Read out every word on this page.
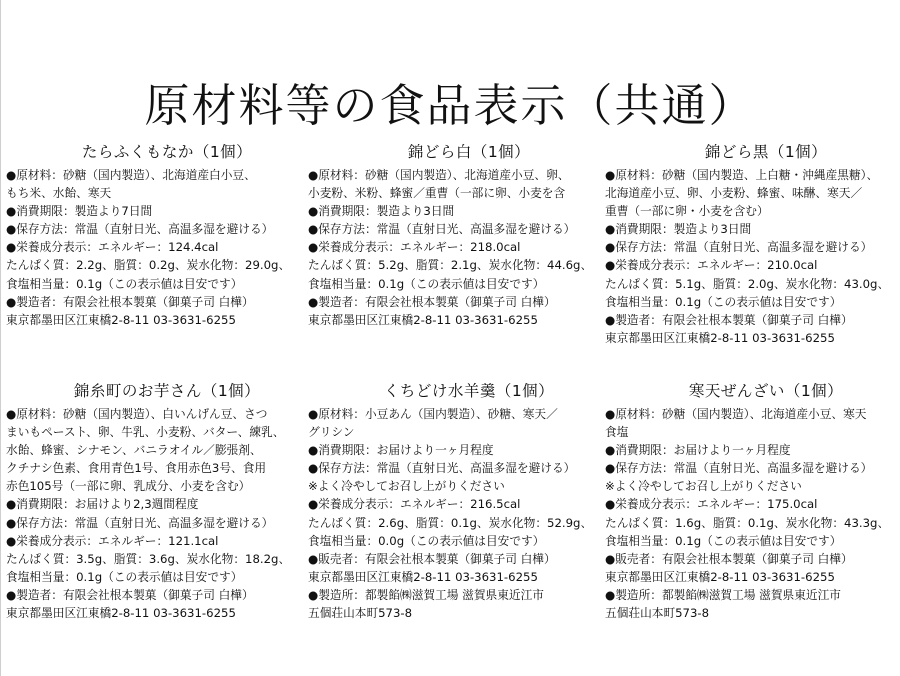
原材料等の食品表示（共通）
たらふくもなか（1個）
●原材料：砂糖（国内製造）、北海道産白小豆、
もち米、水飴、寒天
●消費期限：製造より7日間
●保存方法：常温（直射日光、高温多湿を避ける）
●栄養成分表示：エネルギー：124.4cal
たんぱく質：2.2g、脂質：0.2g、炭水化物：29.0g、
食塩相当量：0.1g（この表示値は目安です）
●製造者：有限会社根本製菓（御菓子司 白樺）
東京都墨田区江東橋2-8-11 03-3631-6255
錦どら白（1個）
●原材料：砂糖（国内製造）、北海道産小豆、卵、
小麦粉、米粉、蜂蜜／重曹（一部に卵、小麦を含
●消費期限：製造より3日間
●保存方法：常温（直射日光、高温多湿を避ける）
●栄養成分表示：エネルギー：218.0cal
たんぱく質：5.2g、脂質：2.1g、炭水化物：44.6g、
食塩相当量：0.1g（この表示値は目安です）
●製造者：有限会社根本製菓（御菓子司 白樺）
東京都墨田区江東橋2-8-11 03-3631-6255
錦どら黒（1個）
●原材料：砂糖（国内製造、上白糖・沖縄産黒糖）、
北海道産小豆、卵、小麦粉、蜂蜜、味醂、寒天／
重曹（一部に卵・小麦を含む）
●消費期限：製造より3日間
●保存方法：常温（直射日光、高温多湿を避ける）
●栄養成分表示：エネルギー：210.0cal
たんぱく質：5.1g、脂質：2.0g、炭水化物：43.0g、
食塩相当量：0.1g（この表示値は目安です）
●製造者：有限会社根本製菓（御菓子司 白樺）
東京都墨田区江東橋2-8-11 03-3631-6255
錦糸町のお芋さん（1個）
●原材料：砂糖（国内製造）、白いんげん豆、さつ
まいもペースト、卵、牛乳、小麦粉、バター、練乳、
水飴、蜂蜜、シナモン、バニラオイル／膨張剤、
クチナシ色素、食用青色1号、食用赤色3号、食用
赤色105号（一部に卵、乳成分、小麦を含む）
●消費期限：お届けより2,3週間程度
●保存方法：常温（直射日光、高温多湿を避ける）
●栄養成分表示：エネルギー：121.1cal
たんぱく質：3.5g、脂質：3.6g、炭水化物：18.2g、
食塩相当量：0.1g（この表示値は目安です）
●製造者：有限会社根本製菓（御菓子司 白樺）
東京都墨田区江東橋2-8-11 03-3631-6255
くちどけ水羊羹（1個）
●原材料：小豆あん（国内製造）、砂糖、寒天／
グリシン
●消費期限：お届けより一ヶ月程度
●保存方法：常温（直射日光、高温多湿を避ける）
※よく冷やしてお召し上がりください
●栄養成分表示：エネルギー：216.5cal
たんぱく質：2.6g、脂質：0.1g、炭水化物：52.9g、
食塩相当量：0.0g（この表示値は目安です）
●販売者：有限会社根本製菓（御菓子司 白樺）
東京都墨田区江東橋2-8-11 03-3631-6255
●製造所：都製餡㈱滋賀工場 滋賀県東近江市
五個荘山本町573-8
寒天ぜんざい（1個）
●原材料：砂糖（国内製造）、北海道産小豆、寒天
食塩
●消費期限：お届けより一ヶ月程度
●保存方法：常温（直射日光、高温多湿を避ける）
※よく冷やしてお召し上がりください
●栄養成分表示：エネルギー：175.0cal
たんぱく質：1.6g、脂質：0.1g、炭水化物：43.3g、
食塩相当量：0.1g（この表示値は目安です）
●販売者：有限会社根本製菓（御菓子司 白樺）
東京都墨田区江東橋2-8-11 03-3631-6255
●製造所：都製餡㈱滋賀工場 滋賀県東近江市
五個荘山本町573-8
